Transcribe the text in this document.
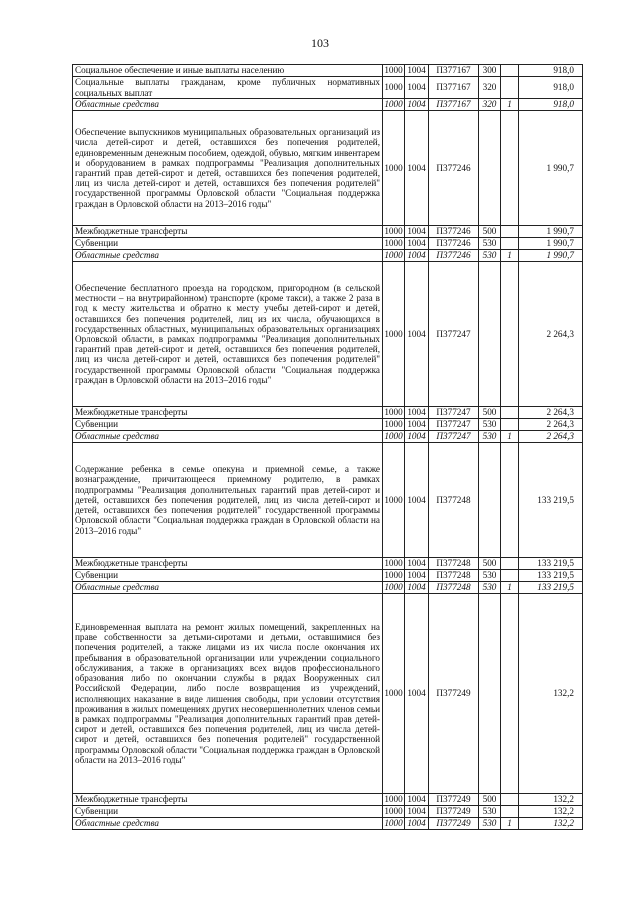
103
Социальное обеспечение и иные выплаты населению	1000	1004	П377167	300		918,0
Социальные выплаты гражданам, кроме публичных нормативных социальных выплат	1000	1004	П377167	320		918,0
Областные средства	1000	1004	П377167	320	1	918,0
Обеспечение выпускников муниципальных образовательных организаций из числа детей-сирот и детей, оставшихся без попечения родителей, единовременным денежным пособием, одеждой, обувью, мягким инвентарем и оборудованием в рамках подпрограммы "Реализация дополнительных гарантий прав детей-сирот и детей, оставшихся без попечения родителей, лиц из числа детей-сирот и детей, оставшихся без попечения родителей" государственной программы Орловской области "Социальная поддержка граждан в Орловской области на 2013–2016 годы"	1000	1004	П377246			1 990,7
Межбюджетные трансферты	1000	1004	П377246	500		1 990,7
Субвенции	1000	1004	П377246	530		1 990,7
Областные средства	1000	1004	П377246	530	1	1 990,7
Обеспечение бесплатного проезда на городском, пригородном (в сельской местности – на внутрирайонном) транспорте (кроме такси), а также 2 раза в год к месту жительства и обратно к месту учебы детей-сирот и детей, оставшихся без попечения родителей, лиц из их числа, обучающихся в государственных областных, муниципальных образовательных организациях Орловской области, в рамках подпрограммы "Реализация дополнительных гарантий прав детей-сирот и детей, оставшихся без попечения родителей, лиц из числа детей-сирот и детей, оставшихся без попечения родителей" государственной программы Орловской области "Социальная поддержка граждан в Орловской области на 2013–2016 годы"	1000	1004	П377247			2 264,3
Межбюджетные трансферты	1000	1004	П377247	500		2 264,3
Субвенции	1000	1004	П377247	530		2 264,3
Областные средства	1000	1004	П377247	530	1	2 264,3
Содержание ребенка в семье опекуна и приемной семье, а также вознаграждение, причитающееся приемному родителю, в рамках подпрограммы "Реализация дополнительных гарантий прав детей-сирот и детей, оставшихся без попечения родителей, лиц из числа детей-сирот и детей, оставшихся без попечения родителей" государственной программы Орловской области "Социальная поддержка граждан в Орловской области на 2013–2016 годы"	1000	1004	П377248			133 219,5
Межбюджетные трансферты	1000	1004	П377248	500		133 219,5
Субвенции	1000	1004	П377248	530		133 219,5
Областные средства	1000	1004	П377248	530	1	133 219,5
Единовременная выплата на ремонт жилых помещений, закрепленных на праве собственности за детьми-сиротами и детьми, оставшимися без попечения родителей, а также лицами из их числа после окончания их пребывания в образовательной организации или учреждении социального обслуживания, а также в организациях всех видов профессионального образования либо по окончании службы в рядах Вооруженных сил Российской Федерации, либо после возвращения из учреждений, исполняющих наказание в виде лишения свободы, при условии отсутствия проживания в жилых помещениях других несовершеннолетних членов семьи в рамках подпрограммы "Реализация дополнительных гарантий прав детей-сирот и детей, оставшихся без попечения родителей, лиц из числа детей-сирот и детей, оставшихся без попечения родителей" государственной программы Орловской области "Социальная поддержка граждан в Орловской области на 2013–2016 годы"	1000	1004	П377249			132,2
Межбюджетные трансферты	1000	1004	П377249	500		132,2
Субвенции	1000	1004	П377249	530		132,2
Областные средства	1000	1004	П377249	530	1	132,2
